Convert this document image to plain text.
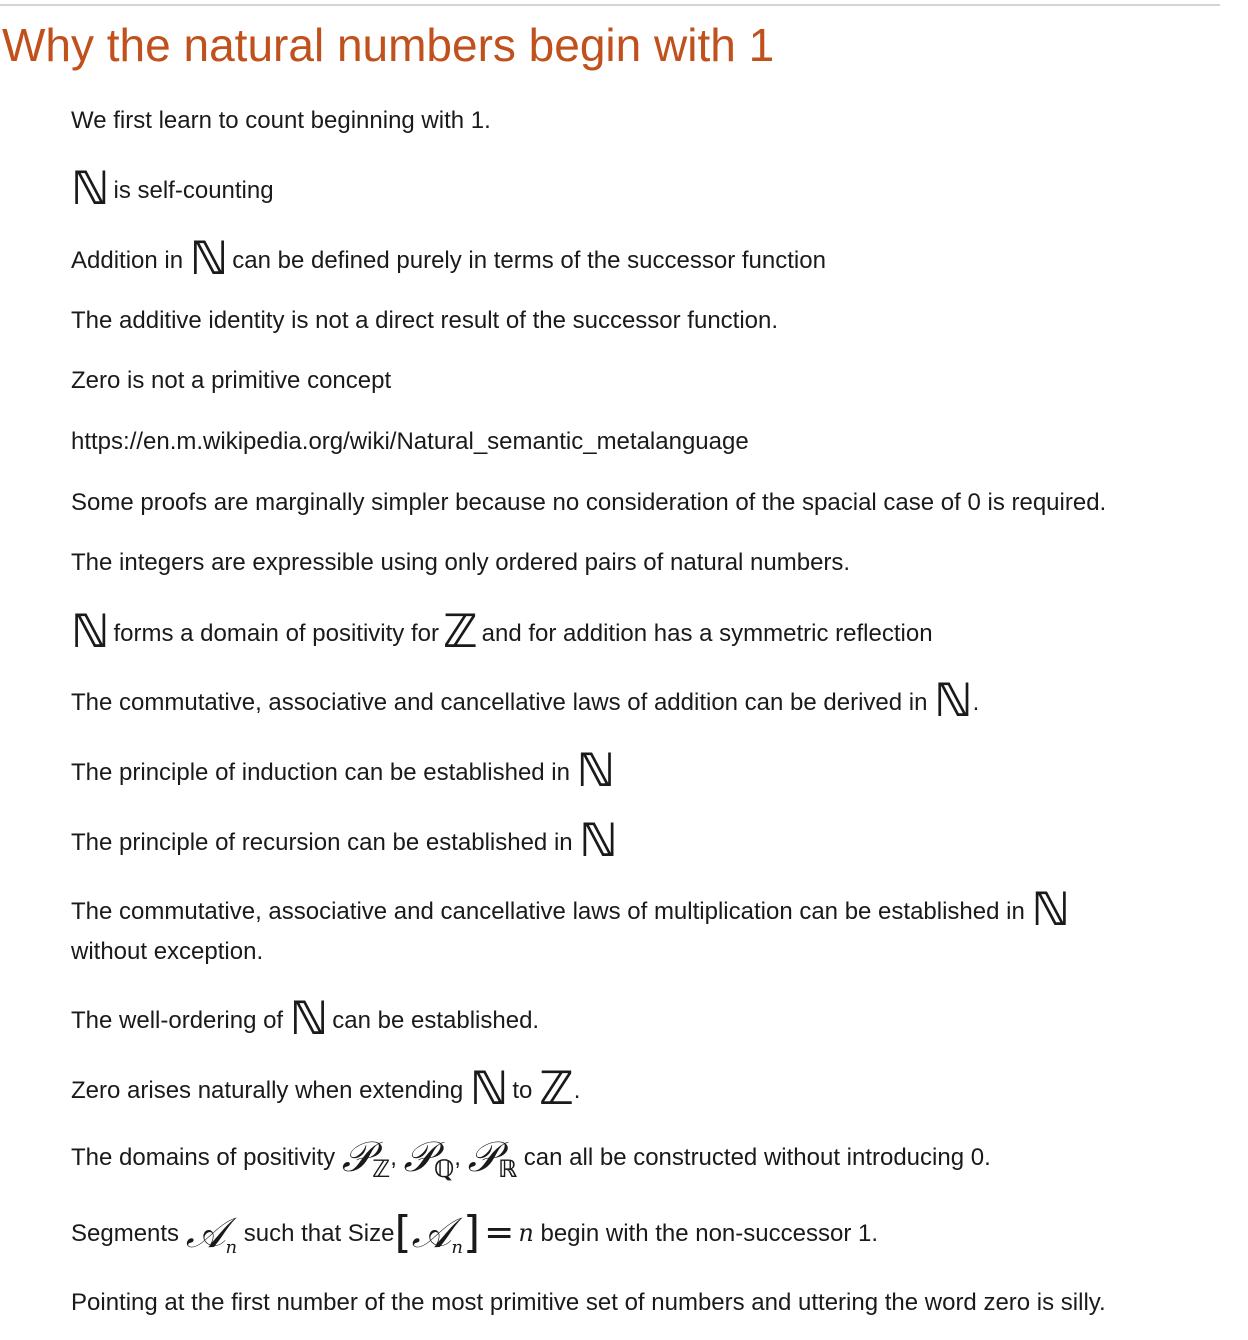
Why the natural numbers begin with 1
We first learn to count beginning with 1.
ℕis self-counting
Addition in ℕ can be defined purely in terms of the successor function
The additive identity is not a direct result of the successor function.
Zero is not a primitive concept
https://en.m.wikipedia.org/wiki/Natural_semantic_metalanguage
Some proofs are marginally simpler because no consideration of the spacial case of 0 is required.
The integers are expressible using only ordered pairs of natural numbers.
ℕforms a domain of positivity forℤ and for addition has a symmetric reflection
The commutative, associative and cancellative laws of addition can be derived in ℕ.
The principle of induction can be established in ℕ
The principle of recursion can be established in ℕ
The commutative, associative and cancellative laws of multiplication can be established in ℕ
without exception.
The well-ordering of ℕ can be established.
Zero arises naturally when extending ℕ to ℤ.
The domains of positivity 𝒫ℤ, 𝒫ℚ, 𝒫ℝ can all be constructed without introducing 0.
Segments 𝒜$_n$ such that Size[𝒜$_n$] = n begin with the non-successor 1.
Pointing at the first number of the most primitive set of numbers and uttering the word zero is silly.
